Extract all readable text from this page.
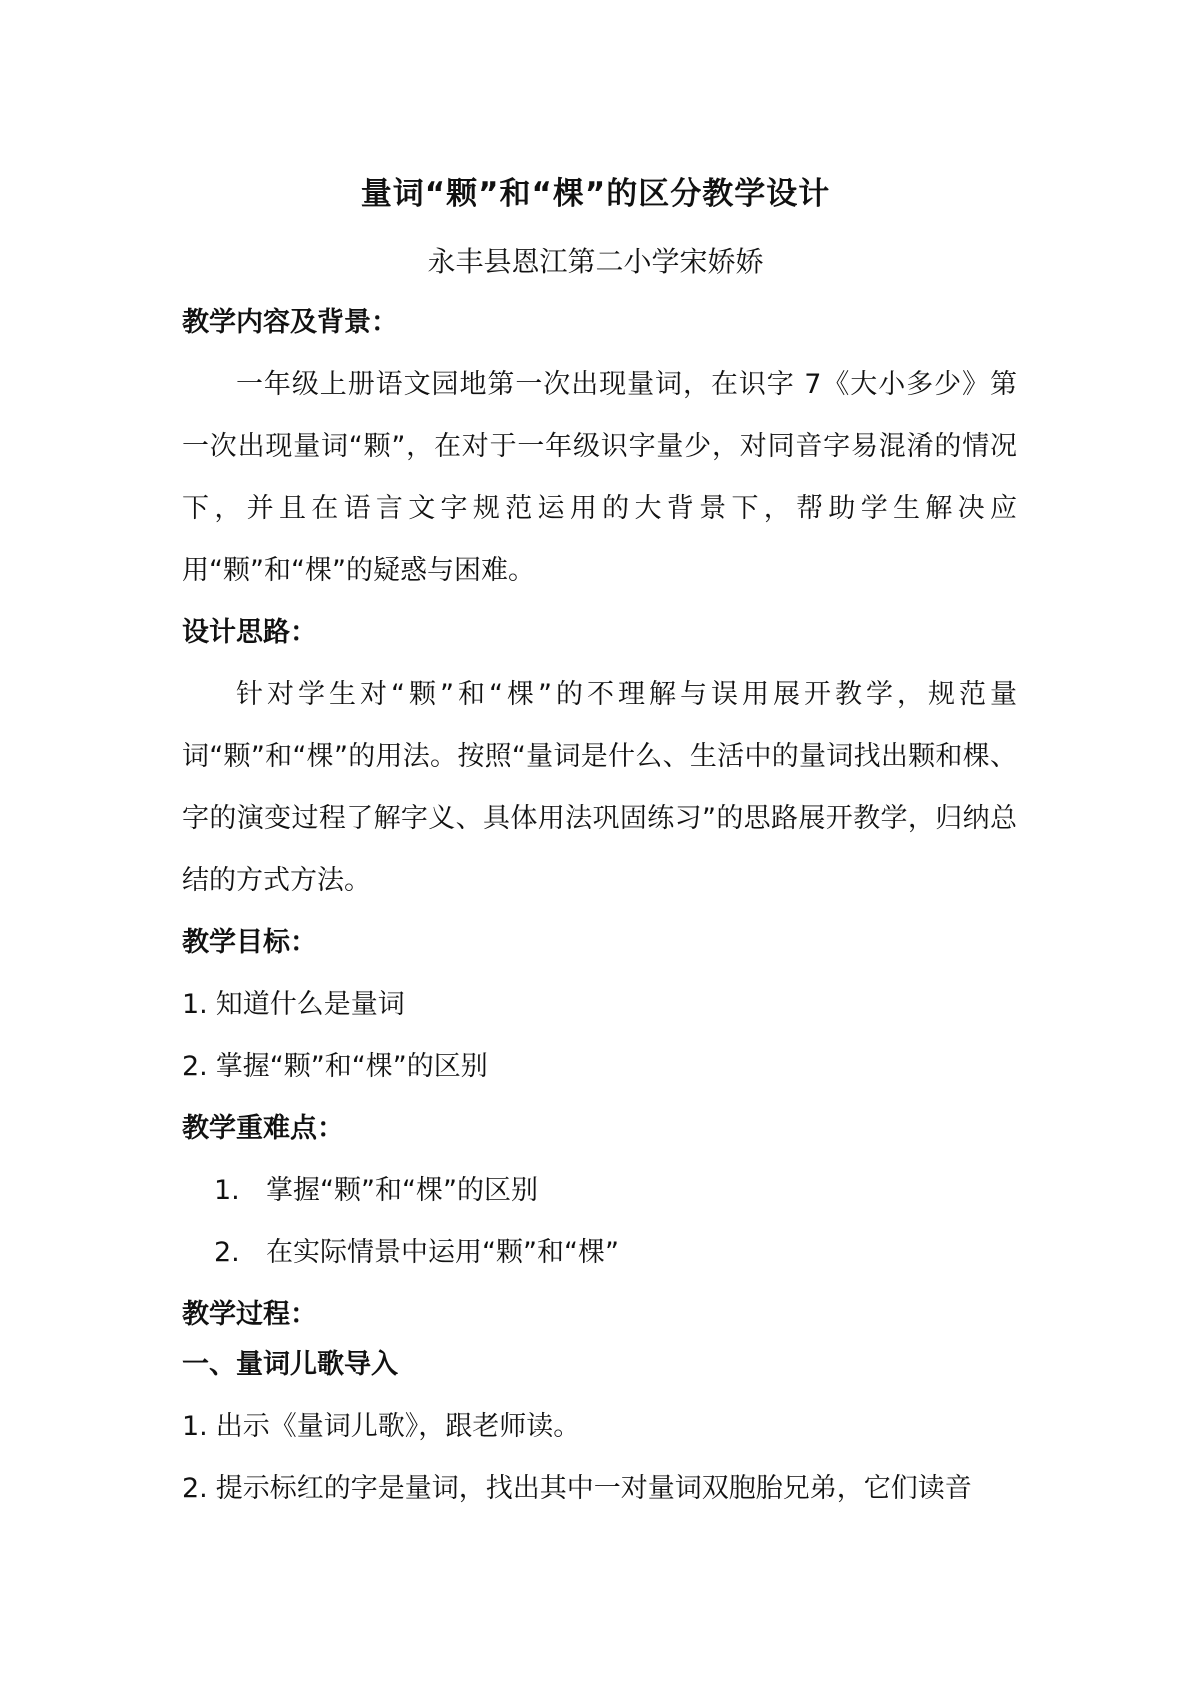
量词“颗”和“棵”的区分教学设计
永丰县恩江第二小学宋娇娇
教学内容及背景：

一年级上册语文园地第一次出现量词，在识字 7《大小多少》第一次出现量词“颗”，在对于一年级识字量少，对同音字易混淆的情况下，并且在语言文字规范运用的大背景下，帮助学生解决应用“颗”和“棵”的疑惑与困难。

设计思路：

针对学生对“颗”和“棵”的不理解与误用展开教学，规范量词“颗”和“棵”的用法。按照“量词是什么、生活中的量词找出颗和棵、字的演变过程了解字义、具体用法巩固练习”的思路展开教学，归纳总结的方式方法。

教学目标：
1. 知道什么是量词
2. 掌握“颗”和“棵”的区别
教学重难点：
1. 掌握“颗”和“棵”的区别
2. 在实际情景中运用“颗”和“棵”
教学过程：
一、量词儿歌导入
1. 出示《量词儿歌》，跟老师读。
2. 提示标红的字是量词，找出其中一对量词双胞胎兄弟，它们读音
